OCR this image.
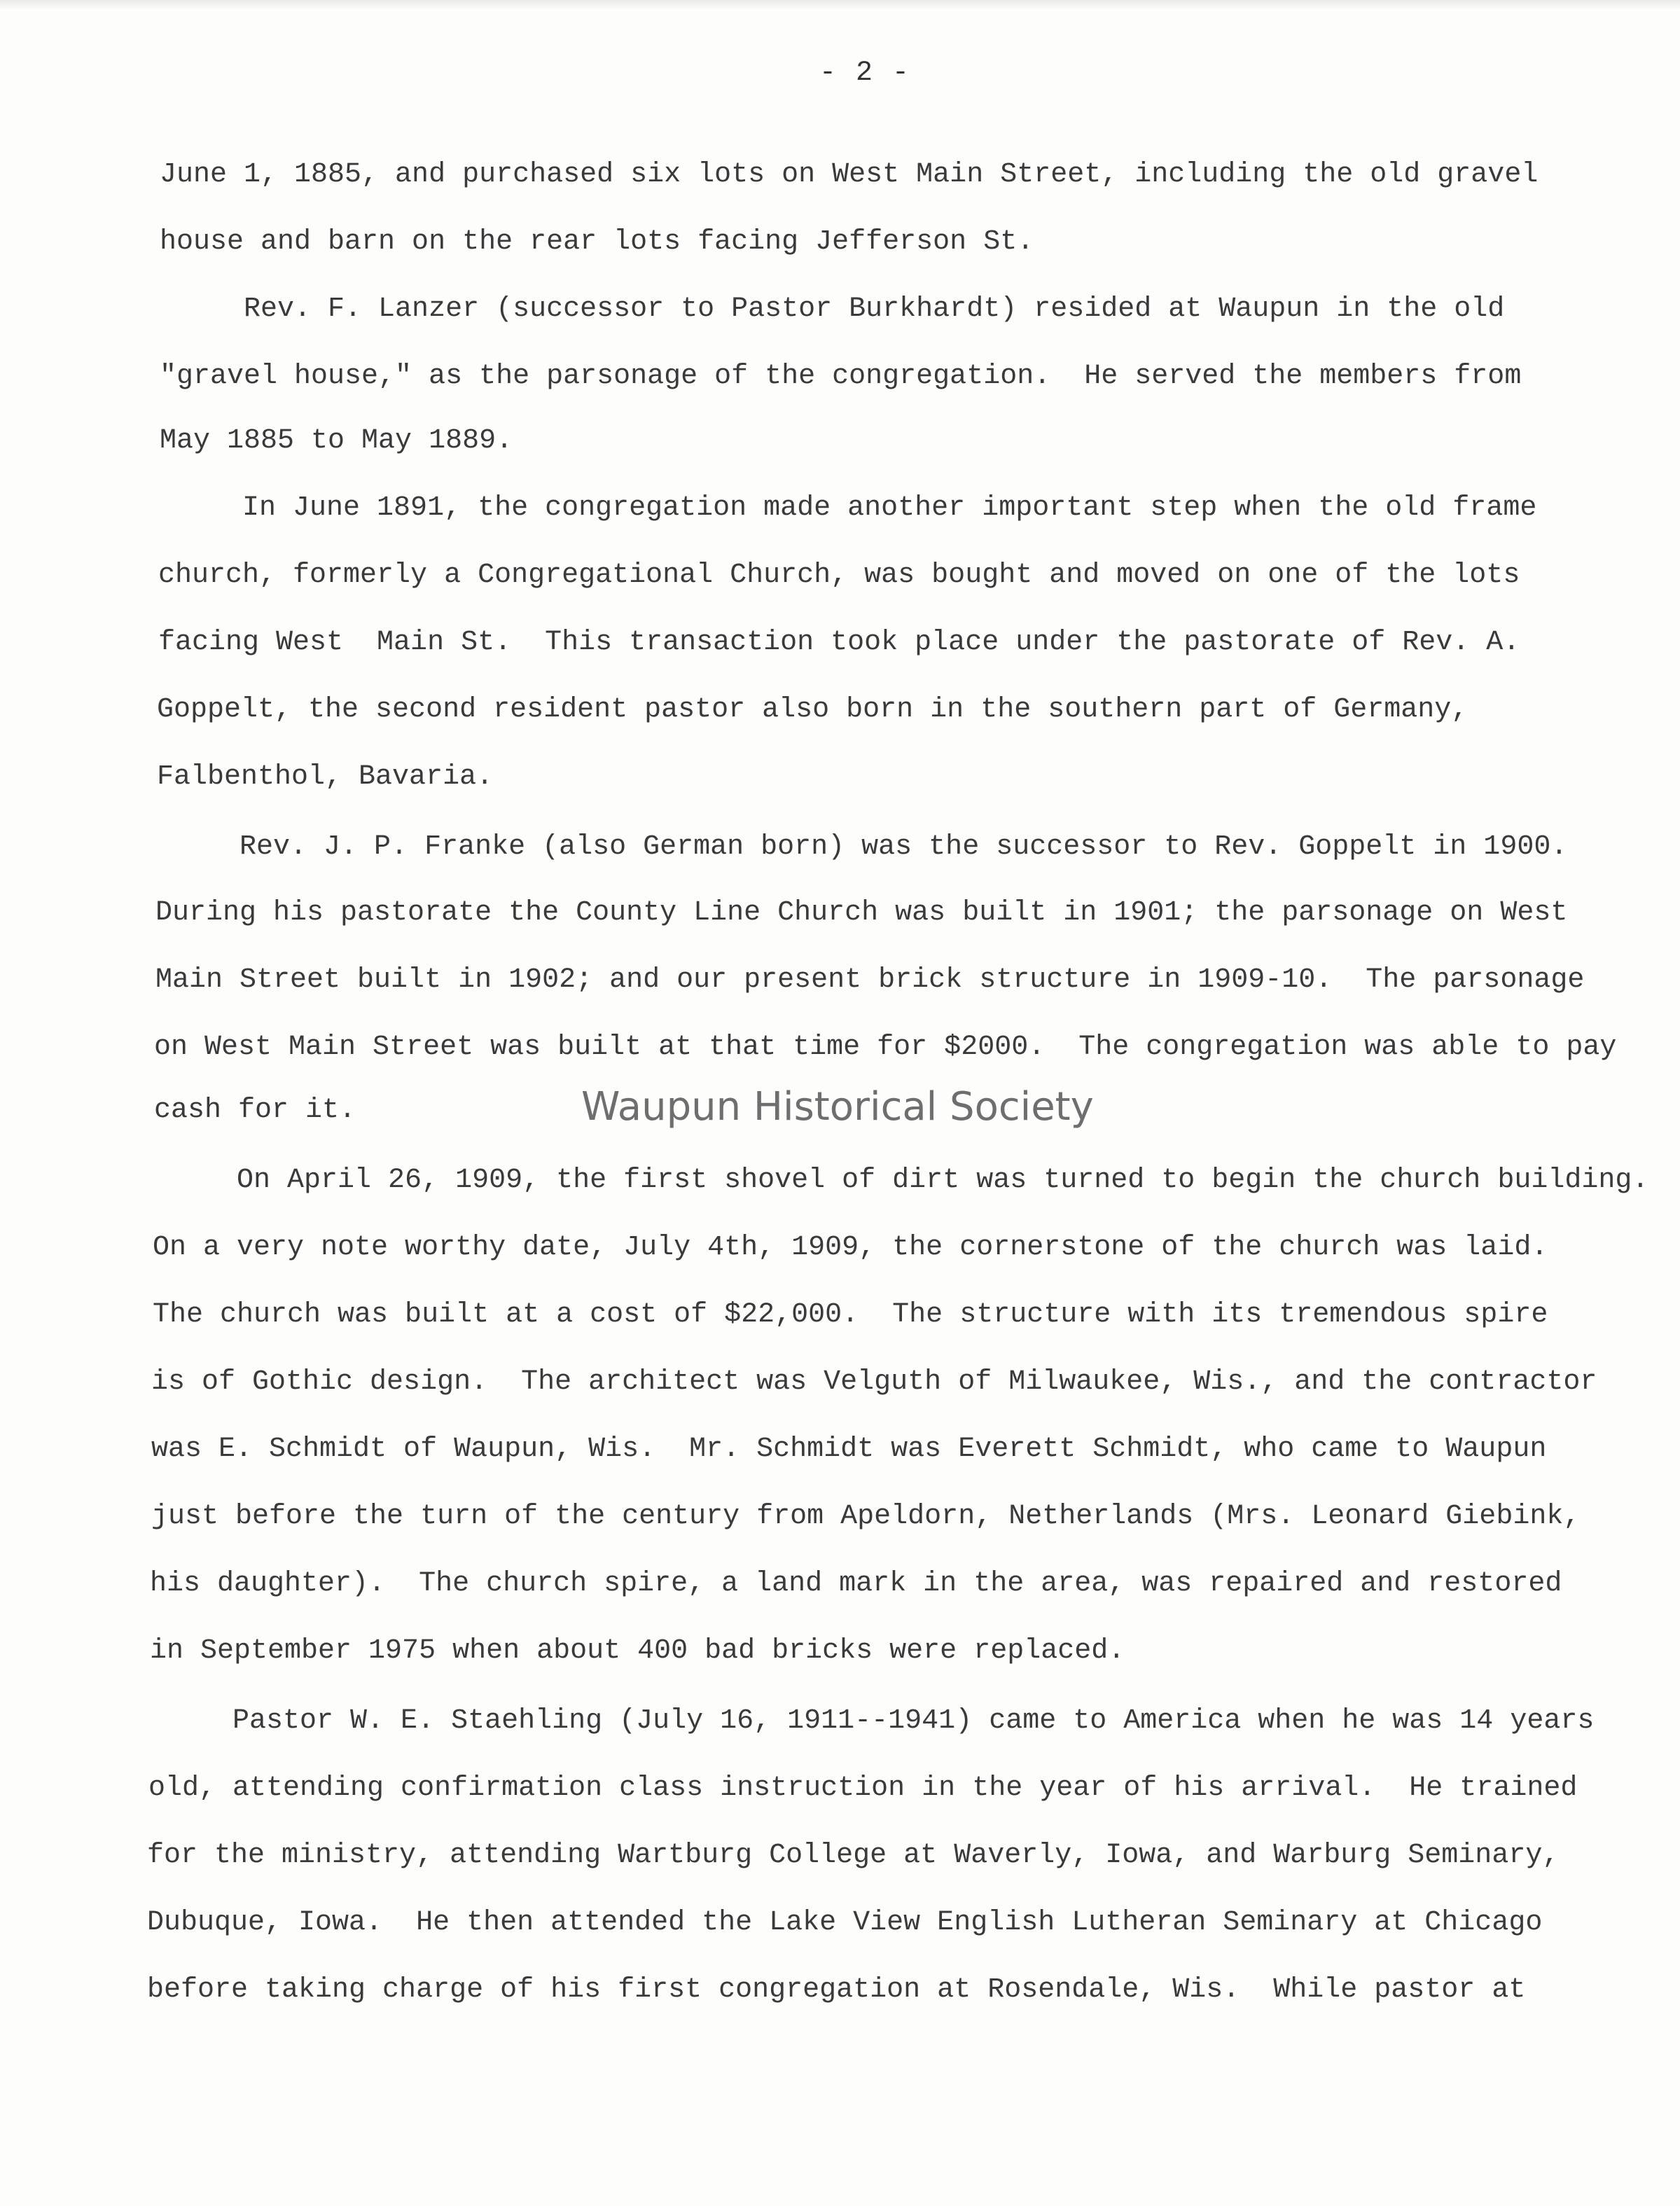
- 2 -

June 1, 1885, and purchased six lots on West Main Street, including the old gravel

house and barn on the rear lots facing Jefferson St.

Rev. F. Lanzer (successor to Pastor Burkhardt) resided at Waupun in the old

"gravel house," as the parsonage of the congregation.  He served the members from

May 1885 to May 1889.

In June 1891, the congregation made another important step when the old frame

church, formerly a Congregational Church, was bought and moved on one of the lots

facing West  Main St.  This transaction took place under the pastorate of Rev. A.

Goppelt, the second resident pastor also born in the southern part of Germany,

Falbenthol, Bavaria.

Rev. J. P. Franke (also German born) was the successor to Rev. Goppelt in 1900.

During his pastorate the County Line Church was built in 1901; the parsonage on West

Main Street built in 1902; and our present brick structure in 1909-10.  The parsonage

on West Main Street was built at that time for $2000.  The congregation was able to pay

cash for it.

On April 26, 1909, the first shovel of dirt was turned to begin the church building.

On a very note worthy date, July 4th, 1909, the cornerstone of the church was laid.

The church was built at a cost of $22,000.  The structure with its tremendous spire

is of Gothic design.  The architect was Velguth of Milwaukee, Wis., and the contractor

was E. Schmidt of Waupun, Wis.  Mr. Schmidt was Everett Schmidt, who came to Waupun

just before the turn of the century from Apeldorn, Netherlands (Mrs. Leonard Giebink,

his daughter).  The church spire, a land mark in the area, was repaired and restored

in September 1975 when about 400 bad bricks were replaced.

Pastor W. E. Staehling (July 16, 1911--1941) came to America when he was 14 years

old, attending confirmation class instruction in the year of his arrival.  He trained

for the ministry, attending Wartburg College at Waverly, Iowa, and Warburg Seminary,

Dubuque, Iowa.  He then attended the Lake View English Lutheran Seminary at Chicago

before taking charge of his first congregation at Rosendale, Wis.  While pastor at

Waupun Historical Society
